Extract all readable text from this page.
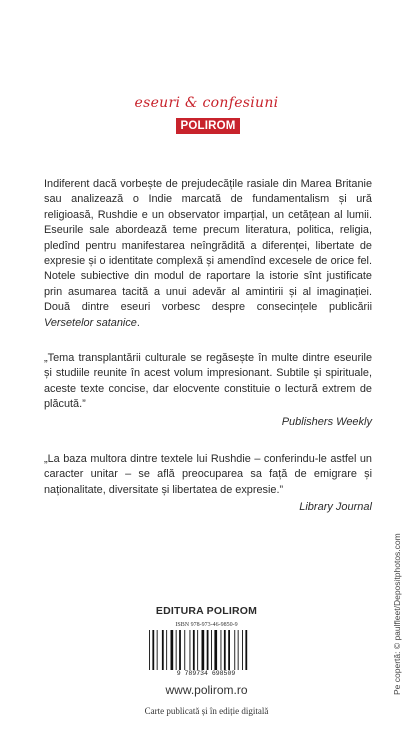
eseuri & confesiuni
POLIROM

Indiferent dacă vorbește de prejudecățile rasiale din Marea Britanie sau analizează o Indie marcată de fundamentalism și ură religioasă, Rushdie e un observator imparțial, un cetățean al lumii. Eseurile sale abordează teme precum literatura, politica, religia, pledînd pentru manifestarea neîngrădită a diferenței, libertate de expresie și o identitate complexă și amendînd excesele de orice fel. Notele subiective din modul de raportare la istorie sînt justificate prin asumarea tacită a unui adevăr al amintirii și al imaginației. Două dintre eseuri vorbesc despre consecințele publicării Versetelor satanice.

„Tema transplantării culturale se regăsește în multe dintre eseurile și studiile reunite în acest volum impresionant. Subtile și spirituale, aceste texte concise, dar elocvente constituie o lectură extrem de plăcută.”

Publishers Weekly

„La baza multora dintre textele lui Rushdie – conferindu-le astfel un caracter unitar – se află preocuparea sa față de emigrare și naționalitate, diversitate și libertatea de expresie.”

Library Journal

EDITURA POLIROM
ISBN 978-973-46-9850-9
9 789734 698509
www.polirom.ro
Carte publicată și în ediție digitală
Pe copertă: © paulfleet/Depositphotos.com
